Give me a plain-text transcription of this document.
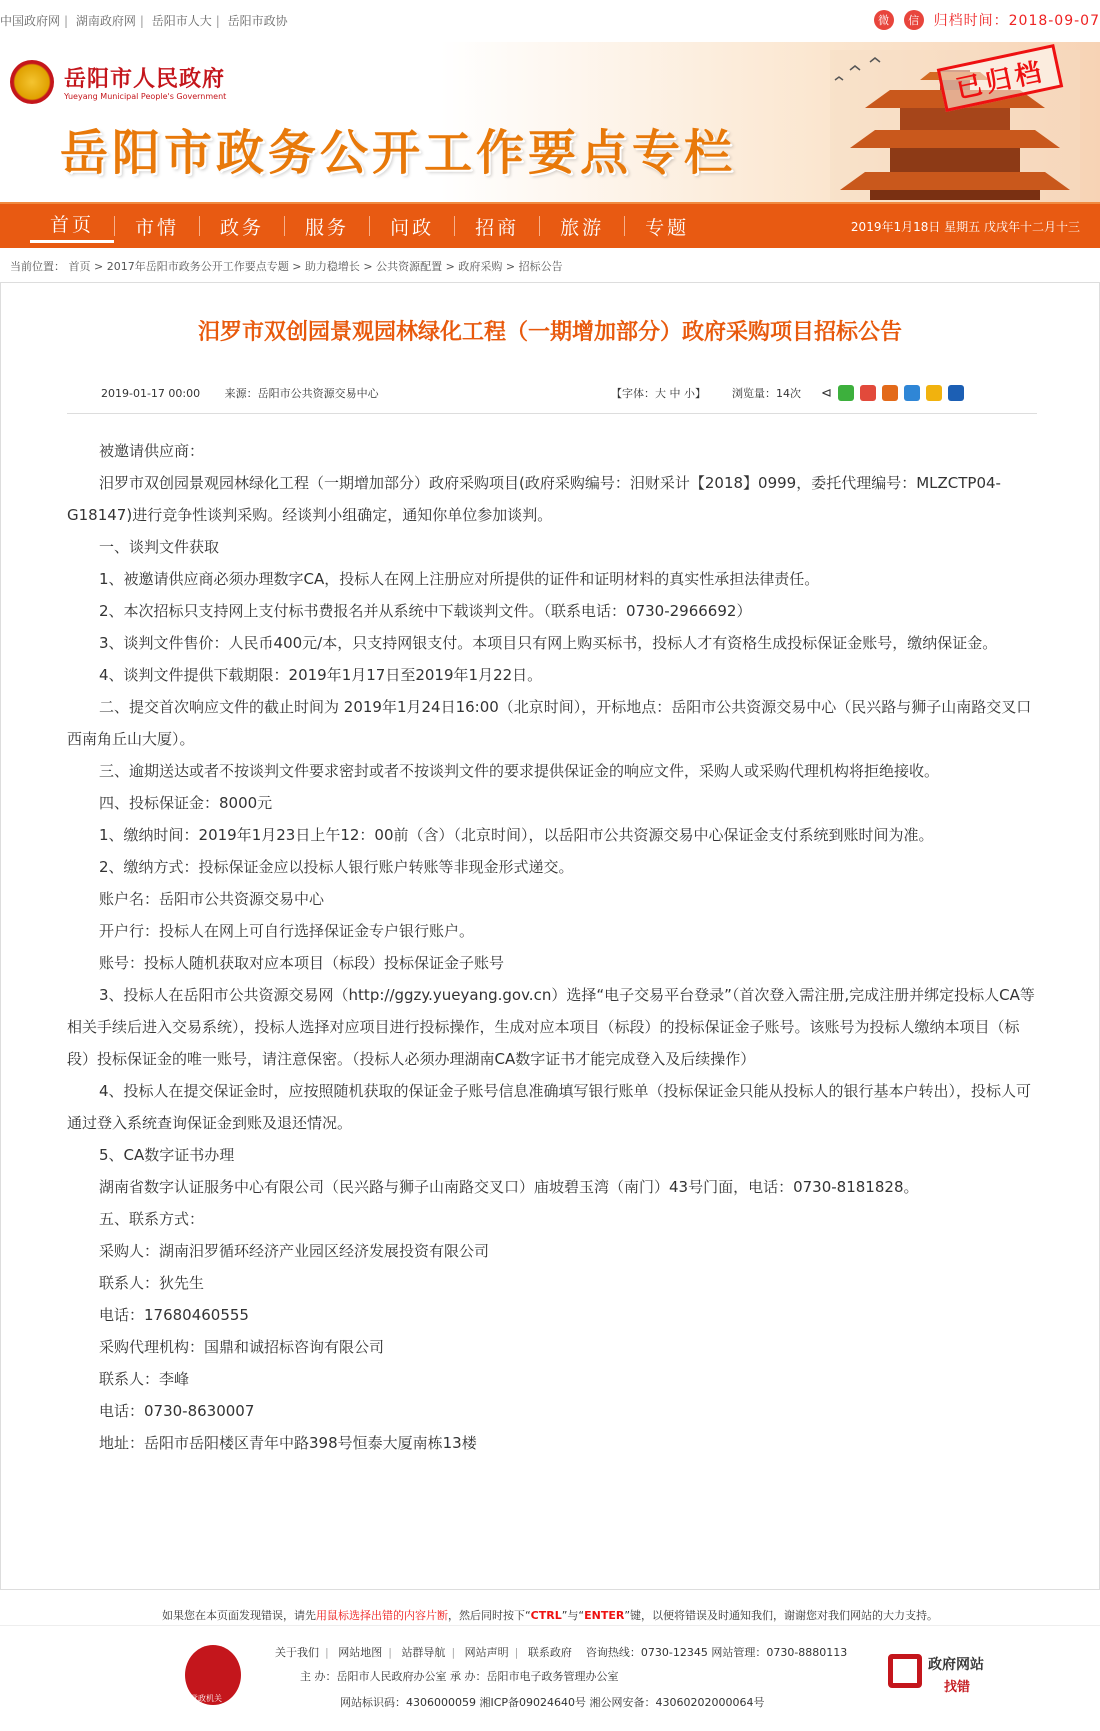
中国政府网 | 湖南政府网 | 岳阳市人大 | 岳阳市政协	微	信	归档时间：2018-09-07
岳阳市人民政府
Yueyang Municipal People's Government
岳阳市政务公开工作要点专栏
已归档
首页	市情	政务	服务	问政	招商	旅游	专题	2019年1月18日 星期五 戊戌年十二月十三
当前位置： 首页 > 2017年岳阳市政务公开工作要点专题 > 助力稳增长 > 公共资源配置 > 政府采购 > 招标公告
汨罗市双创园景观园林绿化工程（一期增加部分）政府采购项目招标公告
2019-01-17 00:00 来源：岳阳市公共资源交易中心	【字体：大 中 小】 浏览量：14次 ⊲

被邀请供应商：

汨罗市双创园景观园林绿化工程（一期增加部分）政府采购项目(政府采购编号：汨财采计【2018】0999，委托代理编号：MLZCTP04-G18147)进行竞争性谈判采购。经谈判小组确定，通知你单位参加谈判。

一、谈判文件获取

1、被邀请供应商必须办理数字CA，投标人在网上注册应对所提供的证件和证明材料的真实性承担法律责任。

2、本次招标只支持网上支付标书费报名并从系统中下载谈判文件。（联系电话：0730-2966692）

3、谈判文件售价：人民币400元/本，只支持网银支付。本项目只有网上购买标书，投标人才有资格生成投标保证金账号，缴纳保证金。

4、谈判文件提供下载期限：2019年1月17日至2019年1月22日。

二、提交首次响应文件的截止时间为 2019年1月24日16:00（北京时间），开标地点：岳阳市公共资源交易中心（民兴路与狮子山南路交叉口西南角丘山大厦）。

三、逾期送达或者不按谈判文件要求密封或者不按谈判文件的要求提供保证金的响应文件，采购人或采购代理机构将拒绝接收。

四、投标保证金：8000元

1、缴纳时间：2019年1月23日上午12：00前（含）（北京时间），以岳阳市公共资源交易中心保证金支付系统到账时间为准。

2、缴纳方式：投标保证金应以投标人银行账户转账等非现金形式递交。

账户名：岳阳市公共资源交易中心

开户行：投标人在网上可自行选择保证金专户银行账户。

账号：投标人随机获取对应本项目（标段）投标保证金子账号

3、投标人在岳阳市公共资源交易网（http://ggzy.yueyang.gov.cn）选择“电子交易平台登录”（首次登入需注册,完成注册并绑定投标人CA等相关手续后进入交易系统），投标人选择对应项目进行投标操作，生成对应本项目（标段）的投标保证金子账号。该账号为投标人缴纳本项目（标段）投标保证金的唯一账号，请注意保密。（投标人必须办理湖南CA数字证书才能完成登入及后续操作）

4、投标人在提交保证金时，应按照随机获取的保证金子账号信息准确填写银行账单（投标保证金只能从投标人的银行基本户转出），投标人可通过登入系统查询保证金到账及退还情况。

5、CA数字证书办理

湖南省数字认证服务中心有限公司（民兴路与狮子山南路交叉口）庙坡碧玉湾（南门）43号门面，电话：0730-8181828。

五、联系方式：

采购人：湖南汨罗循环经济产业园区经济发展投资有限公司

联系人：狄先生

电话：17680460555

采购代理机构：国鼎和诚招标咨询有限公司

联系人：李峰

电话：0730-8630007

地址：岳阳市岳阳楼区青年中路398号恒泰大厦南栋13楼

如果您在本页面发现错误，请先用鼠标选择出错的内容片断，然后同时按下“CTRL”与“ENTER”键，以便将错误及时通知我们，谢谢您对我们网站的大力支持。
党政机关
关于我们 | 网站地图 | 站群导航 | 网站声明 | 联系政府 咨询热线：0730-12345 网站管理：0730-8880113
主 办：岳阳市人民政府办公室 承 办：岳阳市电子政务管理办公室
网站标识码：4306000059 湘ICP备09024640号 湘公网安备：43060202000064号
政府网站
找错
